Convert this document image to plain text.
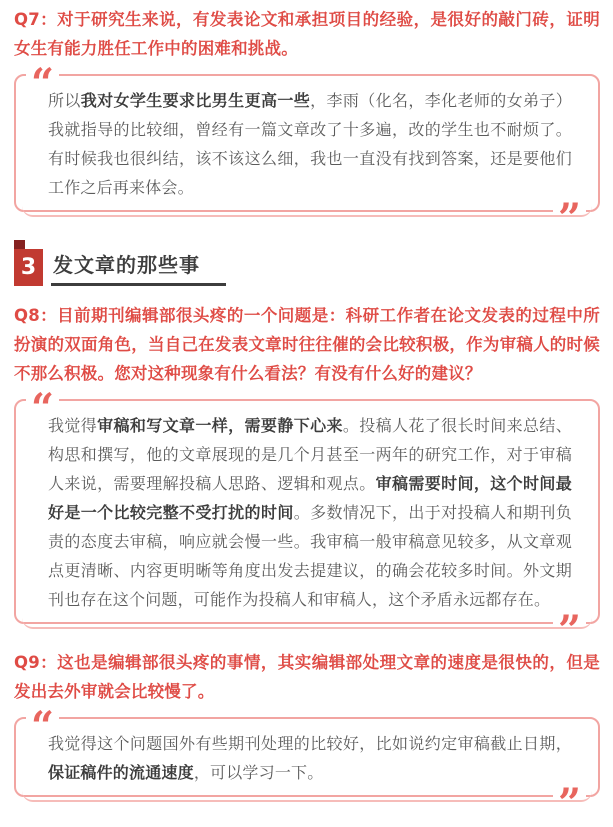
Q7：对于研究生来说，有发表论文和承担项目的经验，是很好的敲门砖，证明女生有能力胜任工作中的困难和挑战。

“

所以我对女学生要求比男生更高一些，李雨（化名，李化老师的女弟子）我就指导的比较细，曾经有一篇文章改了十多遍，改的学生也不耐烦了。有时候我也很纠结，该不该这么细，我也一直没有找到答案，还是要他们工作之后再来体会。

”
3 发文章的那些事

Q8：目前期刊编辑部很头疼的一个问题是：科研工作者在论文发表的过程中所扮演的双面角色，当自己在发表文章时往往催的会比较积极，作为审稿人的时候不那么积极。您对这种现象有什么看法？有没有什么好的建议？

“

我觉得审稿和写文章一样，需要静下心来。投稿人花了很长时间来总结、构思和撰写，他的文章展现的是几个月甚至一两年的研究工作，对于审稿人来说，需要理解投稿人思路、逻辑和观点。审稿需要时间，这个时间最好是一个比较完整不受打扰的时间。多数情况下，出于对投稿人和期刊负责的态度去审稿，响应就会慢一些。我审稿一般审稿意见较多，从文章观点更清晰、内容更明晰等角度出发去提建议，的确会花较多时间。外文期刊也存在这个问题，可能作为投稿人和审稿人，这个矛盾永远都存在。

”

Q9：这也是编辑部很头疼的事情，其实编辑部处理文章的速度是很快的，但是发出去外审就会比较慢了。

“

我觉得这个问题国外有些期刊处理的比较好，比如说约定审稿截止日期，保证稿件的流通速度，可以学习一下。

”
